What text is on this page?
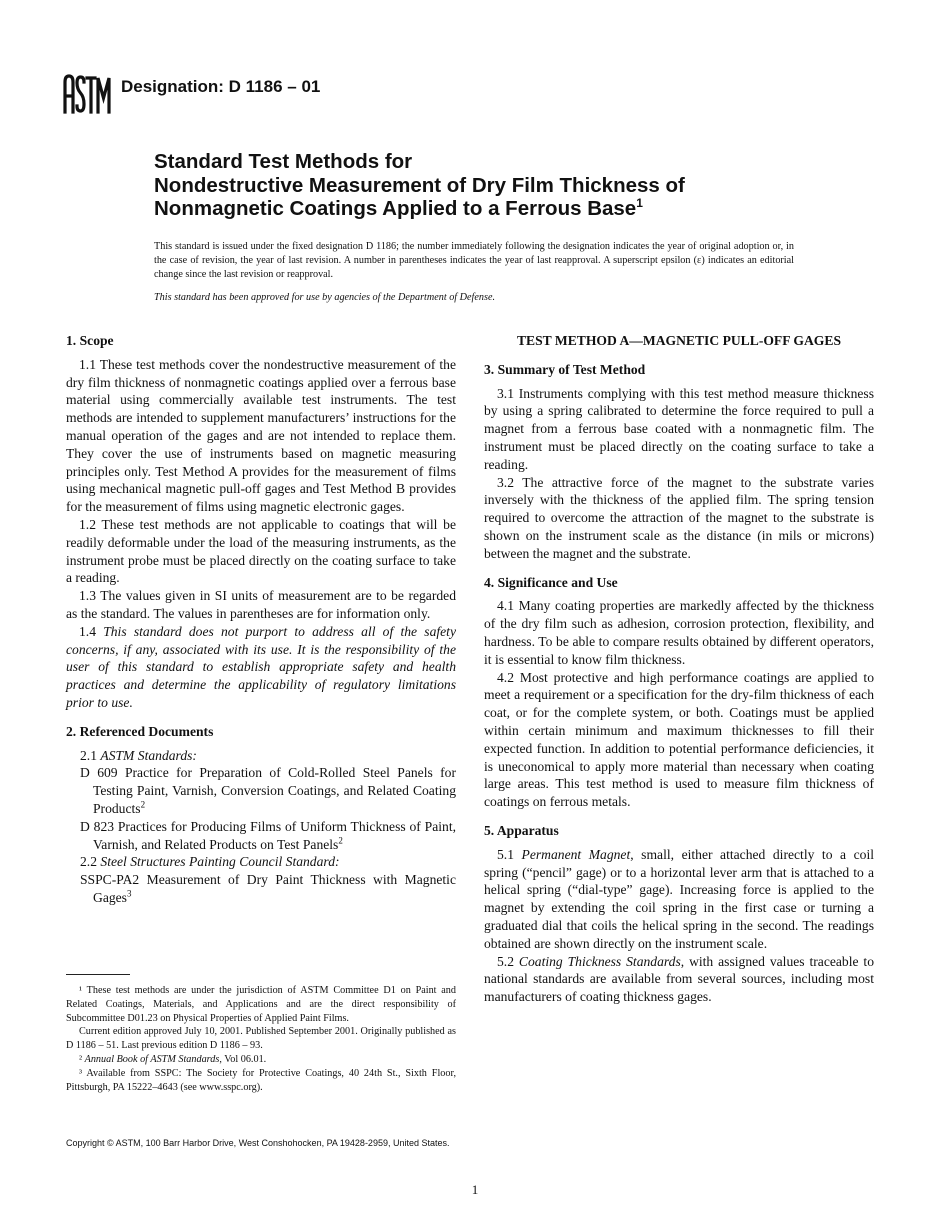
Designation: D 1186 – 01
Standard Test Methods for
Nondestructive Measurement of Dry Film Thickness of
Nonmagnetic Coatings Applied to a Ferrous Base$^1$
This standard is issued under the fixed designation D 1186; the number immediately following the designation indicates the year of original adoption or, in the case of revision, the year of last revision. A number in parentheses indicates the year of last reapproval. A superscript epsilon (ε) indicates an editorial change since the last revision or reapproval.
This standard has been approved for use by agencies of the Department of Defense.
1. Scope

1.1 These test methods cover the nondestructive measurement of the dry film thickness of nonmagnetic coatings applied over a ferrous base material using commercially available test instruments. The test methods are intended to supplement manufacturers’ instructions for the manual operation of the gages and are not intended to replace them. They cover the use of instruments based on magnetic measuring principles only. Test Method A provides for the measurement of films using mechanical magnetic pull-off gages and Test Method B provides for the measurement of films using magnetic electronic gages.

1.2 These test methods are not applicable to coatings that will be readily deformable under the load of the measuring instruments, as the instrument probe must be placed directly on the coating surface to take a reading.

1.3 The values given in SI units of measurement are to be regarded as the standard. The values in parentheses are for information only.

1.4 This standard does not purport to address all of the safety concerns, if any, associated with its use. It is the responsibility of the user of this standard to establish appropriate safety and health practices and determine the applicability of regulatory limitations prior to use.

2. Referenced Documents

2.1 ASTM Standards:

D 609 Practice for Preparation of Cold-Rolled Steel Panels for Testing Paint, Varnish, Conversion Coatings, and Related Coating Products$^2$

D 823 Practices for Producing Films of Uniform Thickness of Paint, Varnish, and Related Products on Test Panels$^2$

2.2 Steel Structures Painting Council Standard:

SSPC-PA2 Measurement of Dry Paint Thickness with Magnetic Gages$^3$

¹ These test methods are under the jurisdiction of ASTM Committee D1 on Paint and Related Coatings, Materials, and Applications and are the direct responsibility of Subcommittee D01.23 on Physical Properties of Applied Paint Films.

Current edition approved July 10, 2001. Published September 2001. Originally published as D 1186 – 51. Last previous edition D 1186 – 93.

² Annual Book of ASTM Standards, Vol 06.01.

³ Available from SSPC: The Society for Protective Coatings, 40 24th St., Sixth Floor, Pittsburgh, PA 15222–4643 (see www.sspc.org).

TEST METHOD A—MAGNETIC PULL-OFF GAGES
3. Summary of Test Method

3.1 Instruments complying with this test method measure thickness by using a spring calibrated to determine the force required to pull a magnet from a ferrous base coated with a nonmagnetic film. The instrument must be placed directly on the coating surface to take a reading.

3.2 The attractive force of the magnet to the substrate varies inversely with the thickness of the applied film. The spring tension required to overcome the attraction of the magnet to the substrate is shown on the instrument scale as the distance (in mils or microns) between the magnet and the substrate.

4. Significance and Use

4.1 Many coating properties are markedly affected by the thickness of the dry film such as adhesion, corrosion protection, flexibility, and hardness. To be able to compare results obtained by different operators, it is essential to know film thickness.

4.2 Most protective and high performance coatings are applied to meet a requirement or a specification for the dry-film thickness of each coat, or for the complete system, or both. Coatings must be applied within certain minimum and maximum thicknesses to fill their expected function. In addition to potential performance deficiencies, it is uneconomical to apply more material than necessary when coating large areas. This test method is used to measure film thickness of coatings on ferrous metals.

5. Apparatus

5.1 Permanent Magnet, small, either attached directly to a coil spring (“pencil” gage) or to a horizontal lever arm that is attached to a helical spring (“dial-type” gage). Increasing force is applied to the magnet by extending the coil spring in the first case or turning a graduated dial that coils the helical spring in the second. The readings obtained are shown directly on the instrument scale.

5.2 Coating Thickness Standards, with assigned values traceable to national standards are available from several sources, including most manufacturers of coating thickness gages.

Copyright © ASTM, 100 Barr Harbor Drive, West Conshohocken, PA 19428-2959, United States.
1
